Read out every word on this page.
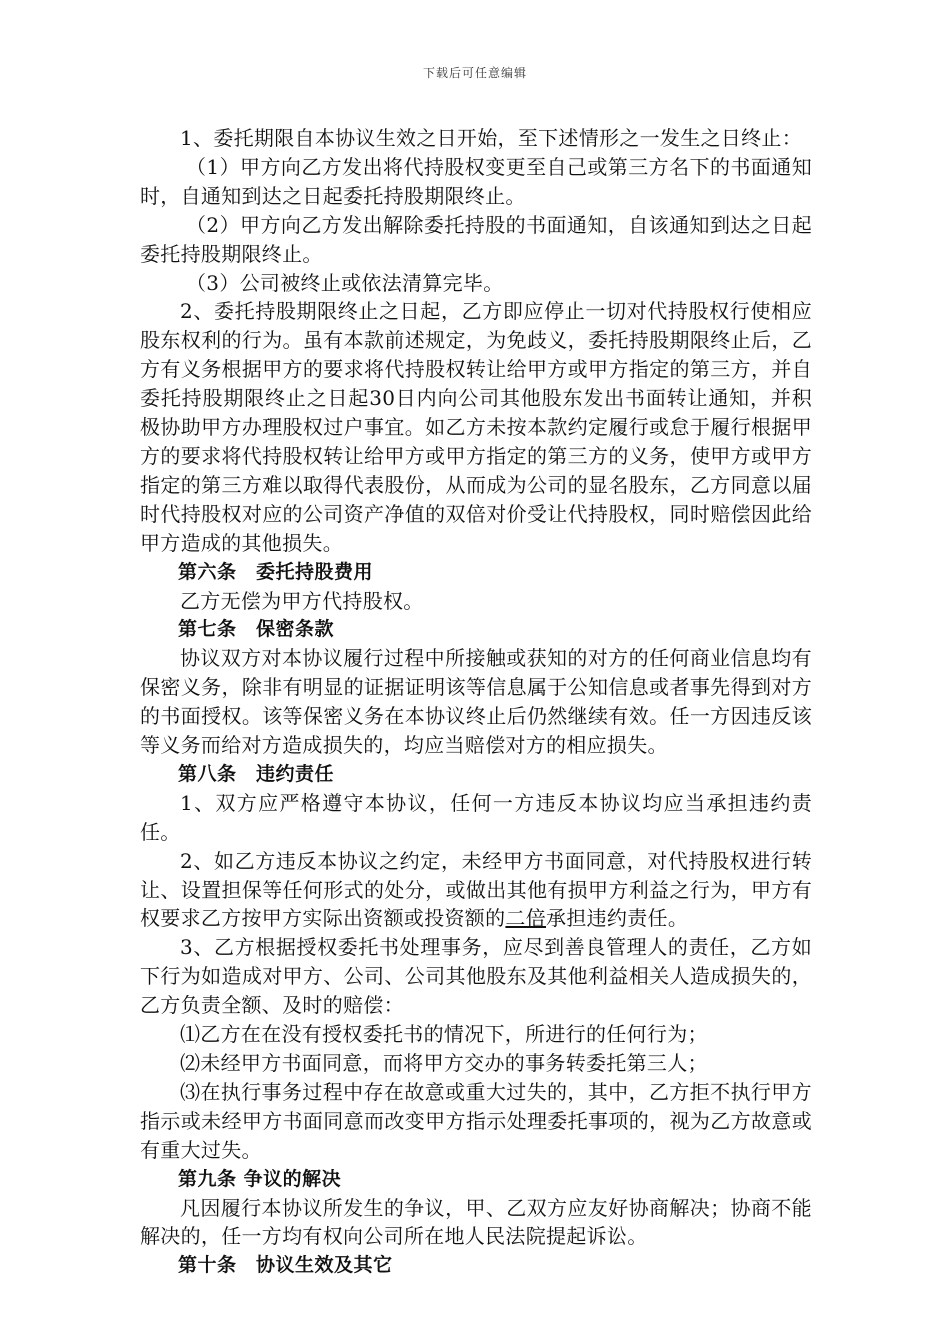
下载后可任意编辑

1、委托期限自本协议生效之日开始，至下述情形之一发生之日终止：

（1）甲方向乙方发出将代持股权变更至自己或第三方名下的书面通知时，自通知到达之日起委托持股期限终止。

（2）甲方向乙方发出解除委托持股的书面通知，自该通知到达之日起委托持股期限终止。

（3）公司被终止或依法清算完毕。

2、委托持股期限终止之日起，乙方即应停止一切对代持股权行使相应股东权利的行为。虽有本款前述规定，为免歧义，委托持股期限终止后，乙方有义务根据甲方的要求将代持股权转让给甲方或甲方指定的第三方，并自委托持股期限终止之日起30日内向公司其他股东发出书面转让通知，并积极协助甲方办理股权过户事宜。如乙方未按本款约定履行或怠于履行根据甲方的要求将代持股权转让给甲方或甲方指定的第三方的义务，使甲方或甲方指定的第三方难以取得代表股份，从而成为公司的显名股东，乙方同意以届时代持股权对应的公司资产净值的双倍对价受让代持股权，同时赔偿因此给甲方造成的其他损失。

第六条　委托持股费用

乙方无偿为甲方代持股权。

第七条　保密条款

协议双方对本协议履行过程中所接触或获知的对方的任何商业信息均有保密义务，除非有明显的证据证明该等信息属于公知信息或者事先得到对方的书面授权。该等保密义务在本协议终止后仍然继续有效。任一方因违反该等义务而给对方造成损失的，均应当赔偿对方的相应损失。

第八条　违约责任

1、双方应严格遵守本协议，任何一方违反本协议均应当承担违约责任。

2、如乙方违反本协议之约定，未经甲方书面同意，对代持股权进行转让、设置担保等任何形式的处分，或做出其他有损甲方利益之行为，甲方有权要求乙方按甲方实际出资额或投资额的二倍承担违约责任。

3、乙方根据授权委托书处理事务，应尽到善良管理人的责任，乙方如下行为如造成对甲方、公司、公司其他股东及其他利益相关人造成损失的，乙方负责全额、及时的赔偿：

⑴乙方在在没有授权委托书的情况下，所进行的任何行为；

⑵未经甲方书面同意，而将甲方交办的事务转委托第三人；

⑶在执行事务过程中存在故意或重大过失的，其中，乙方拒不执行甲方指示或未经甲方书面同意而改变甲方指示处理委托事项的，视为乙方故意或有重大过失。

第九条 争议的解决

凡因履行本协议所发生的争议，甲、乙双方应友好协商解决；协商不能解决的，任一方均有权向公司所在地人民法院提起诉讼。

第十条　协议生效及其它
